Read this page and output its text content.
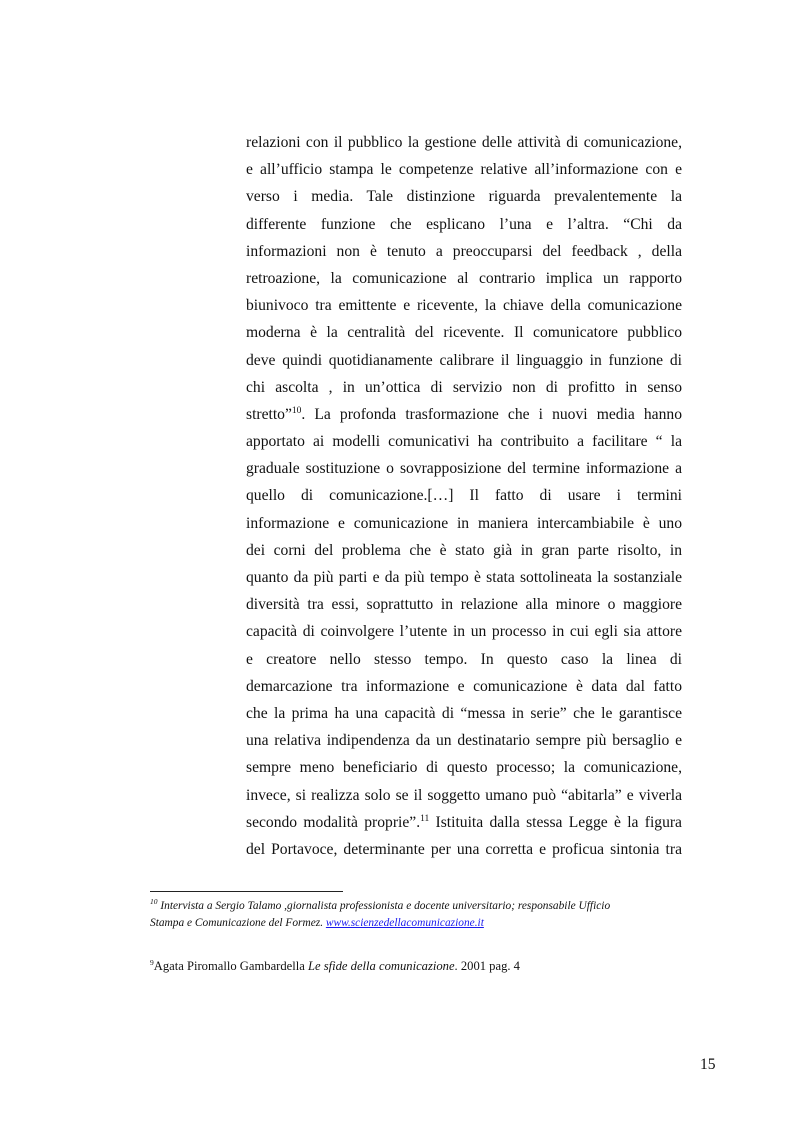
relazioni con il pubblico la gestione delle attività di comunicazione,
e all’ufficio stampa le competenze relative all’informazione con e
verso i media. Tale distinzione riguarda prevalentemente la
differente funzione che esplicano l’una e l’altra. “Chi da
informazioni non è tenuto a preoccuparsi del feedback , della
retroazione, la comunicazione al contrario implica un rapporto
biunivoco tra emittente e ricevente, la chiave della comunicazione
moderna è la centralità del ricevente. Il comunicatore pubblico
deve quindi quotidianamente calibrare il linguaggio in funzione di
chi ascolta , in un’ottica di servizio non di profitto in senso
stretto”$^{10}$. La profonda trasformazione che i nuovi media hanno
apportato ai modelli comunicativi ha contribuito a facilitare “ la
graduale sostituzione o sovrapposizione del termine informazione a
quello di comunicazione.[…] Il fatto di usare i termini
informazione e comunicazione in maniera intercambiabile è uno
dei corni del problema che è stato già in gran parte risolto, in
quanto da più parti e da più tempo è stata sottolineata la sostanziale
diversità tra essi, soprattutto in relazione alla minore o maggiore
capacità di coinvolgere l’utente in un processo in cui egli sia attore
e creatore nello stesso tempo. In questo caso la linea di
demarcazione tra informazione e comunicazione è data dal fatto
che la prima ha una capacità di “messa in serie” che le garantisce
una relativa indipendenza da un destinatario sempre più bersaglio e
sempre meno beneficiario di questo processo; la comunicazione,
invece, si realizza solo se il soggetto umano può “abitarla” e viverla
secondo modalità proprie”.$^{11}$ Istituita dalla stessa Legge è la figura
del Portavoce, determinante per una corretta e proficua sintonia tra
$^{10}$ Intervista a Sergio Talamo ,giornalista professionista e docente universitario; responsabile Ufficio
Stampa e Comunicazione del Formez. www.scienzedellacomunicazione.it
$^9$Agata Piromallo Gambardella Le sfide della comunicazione. 2001 pag. 4
15
